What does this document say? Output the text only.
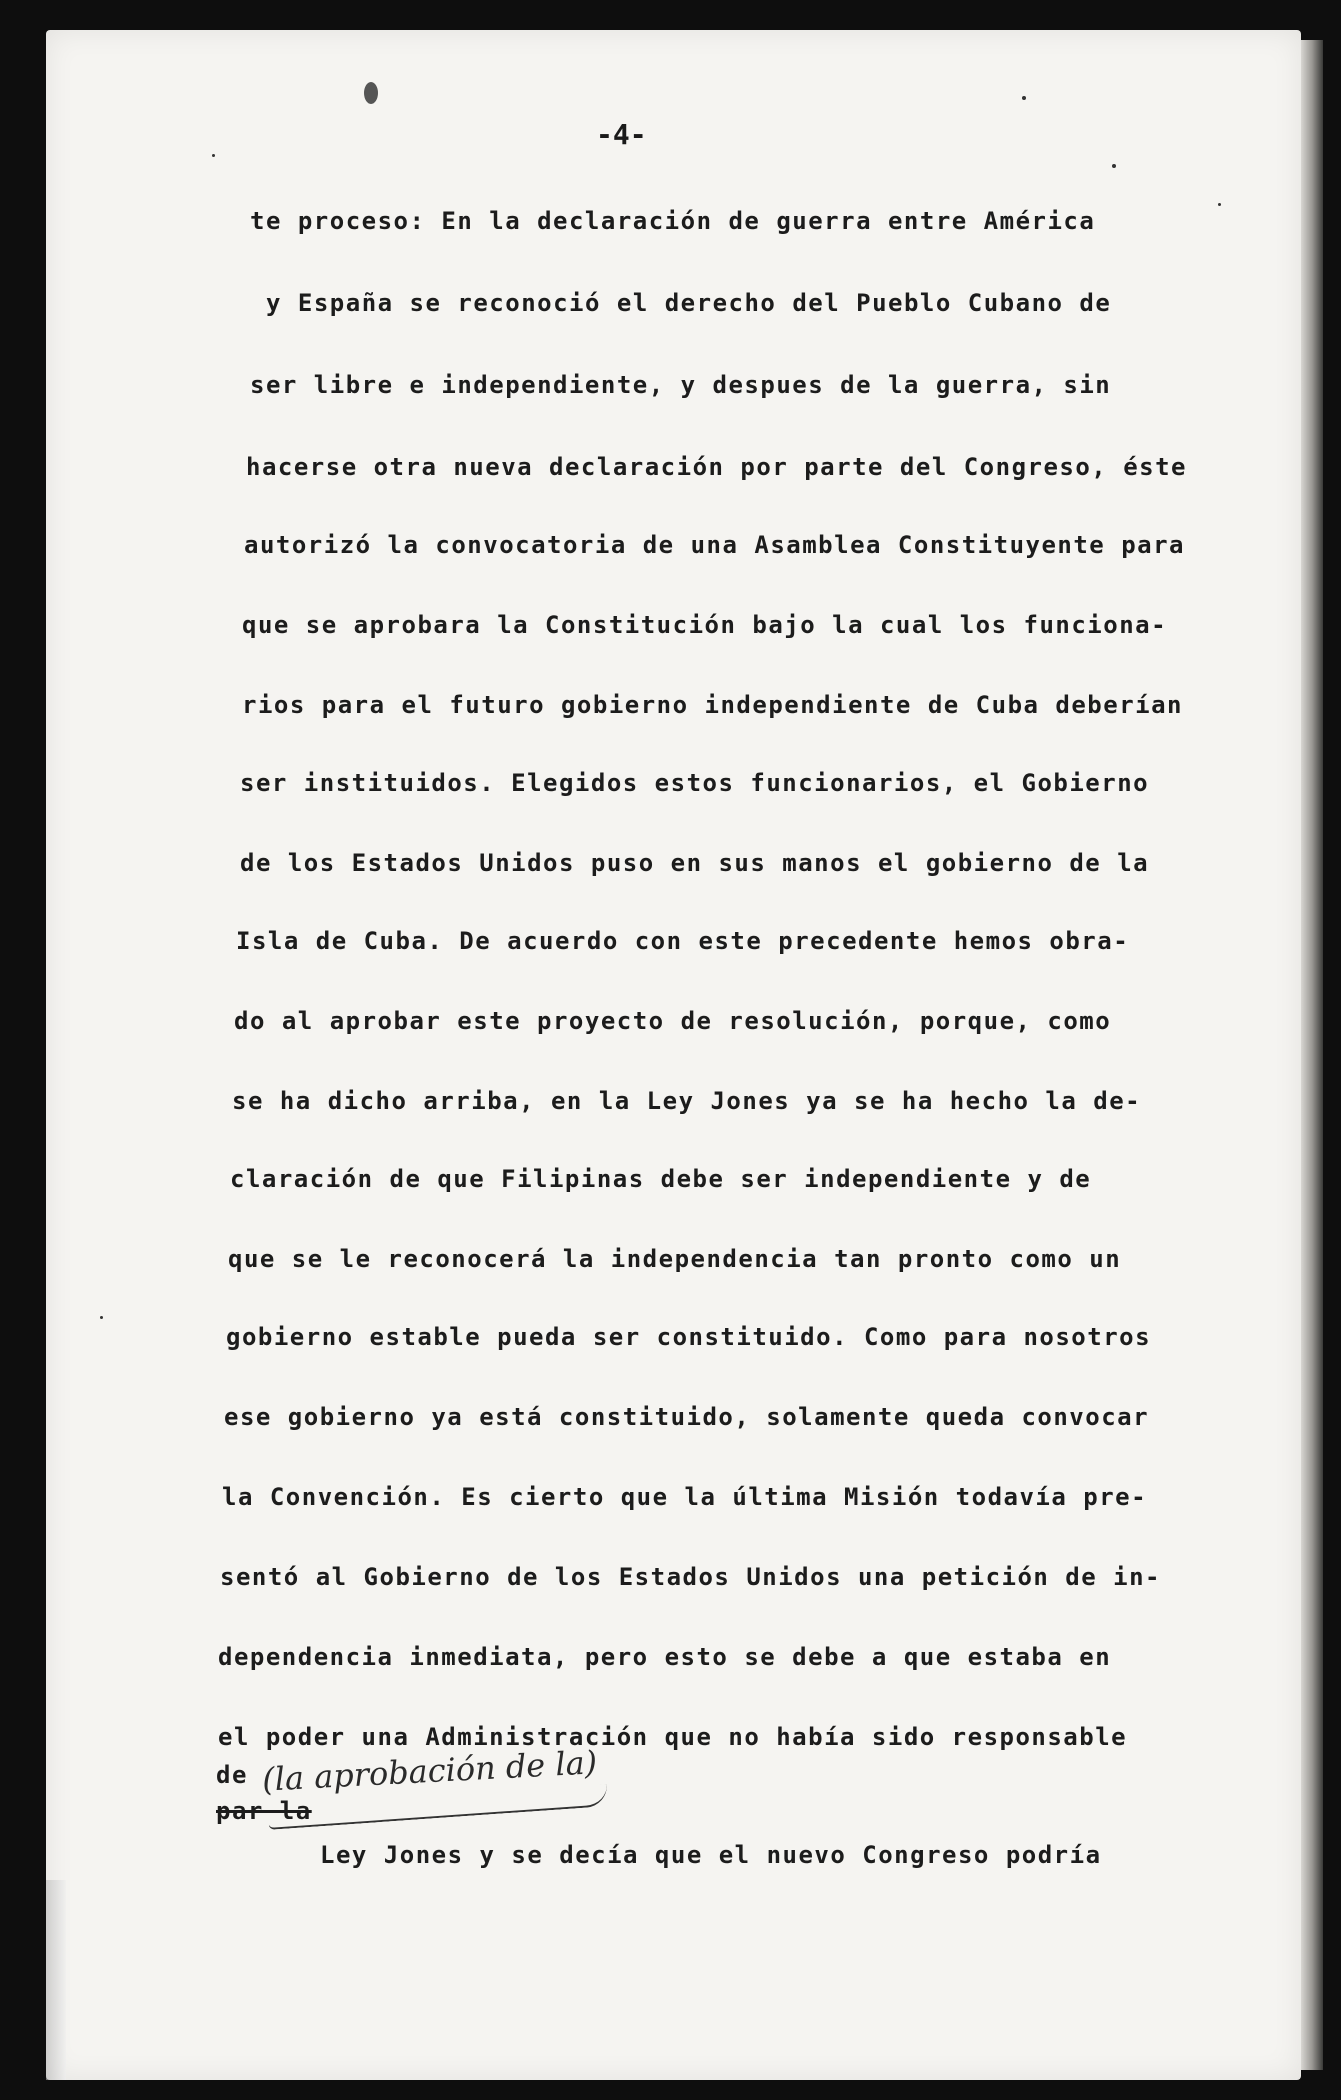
-4-
te proceso: En la declaración de guerra entre América
y España se reconoció el derecho del Pueblo Cubano de
ser libre e independiente, y despues de la guerra, sin
hacerse otra nueva declaración por parte del Congreso, éste
autorizó la convocatoria de una Asamblea Constituyente para
que se aprobara la Constitución bajo la cual los funciona-
rios para el futuro gobierno independiente de Cuba deberían
ser instituidos. Elegidos estos funcionarios, el Gobierno
de los Estados Unidos puso en sus manos el gobierno de la
Isla de Cuba. De acuerdo con este precedente hemos obra-
do al aprobar este proyecto de resolución, porque, como
se ha dicho arriba, en la Ley Jones ya se ha hecho la de-
claración de que Filipinas debe ser independiente y de
que se le reconocerá la independencia tan pronto como un
gobierno estable pueda ser constituido. Como para nosotros
ese gobierno ya está constituido, solamente queda convocar
la Convención. Es cierto que la última Misión todavía pre-
sentó al Gobierno de los Estados Unidos una petición de in-
dependencia inmediata, pero esto se debe a que estaba en
el poder una Administración que no había sido responsable
de (la aprobación de la)
par la
Ley Jones y se decía que el nuevo Congreso podría
